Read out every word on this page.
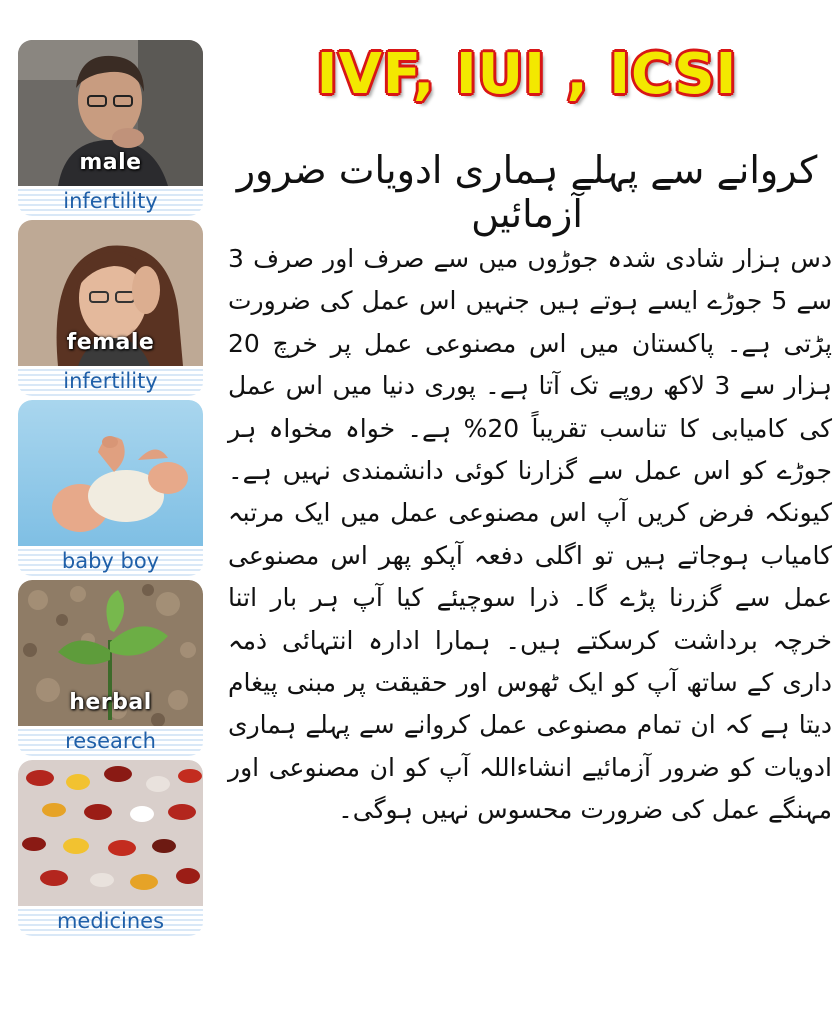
male
infertility
female
infertility
baby boy
herbal
research
medicines
IVF, IUI , ICSI
کروانے سے پہلے ہماری ادویات ضرور آزمائیں
دس ہزار شادی شدہ جوڑوں میں سے صرف اور صرف 3 سے 5 جوڑے ایسے ہوتے ہیں جنہیں اس عمل کی ضرورت پڑتی ہے۔ پاکستان میں اس مصنوعی عمل پر خرچ 20 ہزار سے 3 لاکھ روپے تک آتا ہے۔ پوری دنیا میں اس عمل کی کامیابی کا تناسب تقریباً 20% ہے۔ خواہ مخواہ ہر جوڑے کو اس عمل سے گزارنا کوئی دانشمندی نہیں ہے۔ کیونکہ فرض کریں آپ اس مصنوعی عمل میں ایک مرتبہ کامیاب ہوجاتے ہیں تو اگلی دفعہ آپکو پھر اس مصنوعی عمل سے گزرنا پڑے گا۔ ذرا سوچیئے کیا آپ ہر بار اتنا خرچہ برداشت کرسکتے ہیں۔ ہمارا ادارہ انتہائی ذمہ داری کے ساتھ آپ کو ایک ٹھوس اور حقیقت پر مبنی پیغام دیتا ہے کہ ان تمام مصنوعی عمل کروانے سے پہلے ہماری ادویات کو ضرور آزمائیے انشاءاللہ آپ کو ان مصنوعی اور مہنگے عمل کی ضرورت محسوس نہیں ہوگی۔
